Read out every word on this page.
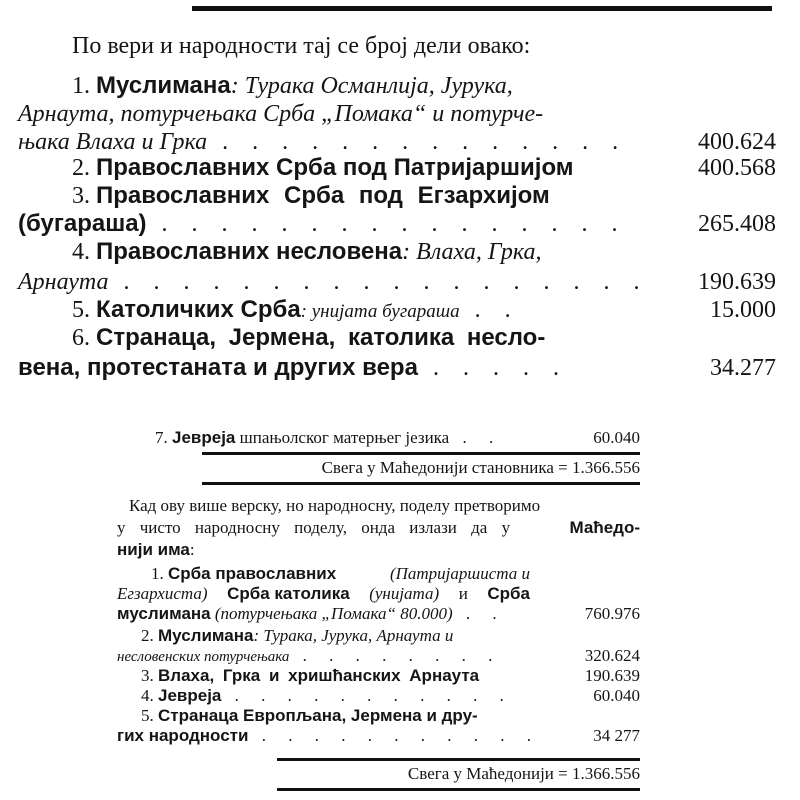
По вери и народности тај се број дели овако:
1. Муслимана: Турака Османлија, Јурука,
Арнаута, потурчењака Срба „Помака“ и потурче-
њака Влаха и Грка . . . . . . . . . . . . . .	400.624
2. Православних Срба под Патријаршијом	400.568
3. Православних Срба под Егзархијом
(бугараша) . . . . . . . . . . . . . . . .	265.408
4. Православних несловена: Влаха, Грка,
Арнаута . . . . . . . . . . . . . . . . . . 190.639
5. Католичких Срба: унијата бугараша . .	15.000
6. Странаца, Јермена, католика несло-
вена, протестаната и других вера . . . . .	34.277
7. Јевреја шпањолског матерњег језика . .	60.040
Свега у Маћедонији становника = 1.366.556
Кад ову више верску, но народносну, поделу претворимо
у чисто народносну поделу, онда излази да у	Маћедо-
нији има:
1. Срба православних	(Патријаршиста и
Егзархиста) Срба католика (унијата) и Срба
муслимана (потурчењака „Помака“ 80.000) . .	760.976
2. Муслимана: Турака, Јурука, Арнаута и
несловенских потурчењака . . . . . . . .	320.624
3. Влаха, Грка и хришћанских Арнаута	190.639
4. Јевреја . . . . . . . . . . .	60.040
5. Странаца Европљана, Јермена и дру-
гих народности . . . . . . . . . . .	34 277
Свега у Маћедонији = 1.366.556
